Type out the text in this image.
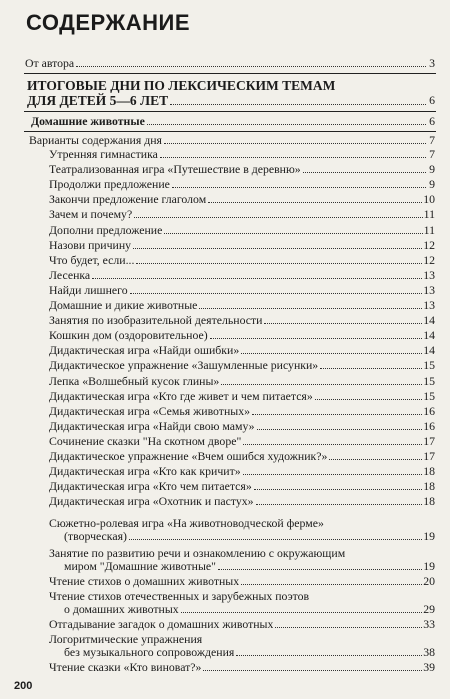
СОДЕРЖАНИЕ
От автора	3
ИТОГОВЫЕ ДНИ ПО ЛЕКСИЧЕСКИМ ТЕМАМ
ДЛЯ ДЕТЕЙ 5—6 ЛЕТ	6
Домашние животные	6
Варианты содержания дня	7
Утренняя гимнастика	7
Театрализованная игра «Путешествие в деревню»	9
Продолжи предложение	9
Закончи предложение глаголом	10
Зачем и почему?	11
Дополни предложение	11
Назови причину	12
Что будет, если...	12
Лесенка	13
Найди лишнего	13
Домашние и дикие животные	13
Занятия по изобразительной деятельности	14
Кошкин дом (оздоровительное)	14
Дидактическая игра «Найди ошибки»	14
Дидактическое упражнение «Зашумленные рисунки»	15
Лепка «Волшебный кусок глины»	15
Дидактическая игра «Кто где живет и чем питается»	15
Дидактическая игра «Семья животных»	16
Дидактическая игра «Найди свою маму»	16
Сочинение сказки "На скотном дворе"	17
Дидактическое упражнение «Вчем ошибся художник?»	17
Дидактическая игра «Кто как кричит»	18
Дидактическая игра «Кто чем питается»	18
Дидактическая игра «Охотник и пастух»	18
Сюжетно-ролевая игра «На животноводческой ферме»
(творческая)	19
Занятие по развитию речи и ознакомлению с окружающим
миром "Домашние животные"	19
Чтение стихов о домашних животных	20
Чтение стихов отечественных и зарубежных поэтов
о домашних животных	29
Отгадывание загадок о домашних животных	33
Логоритмические упражнения
без музыкального сопровождения	38
Чтение сказки «Кто виноват?»	39
200
